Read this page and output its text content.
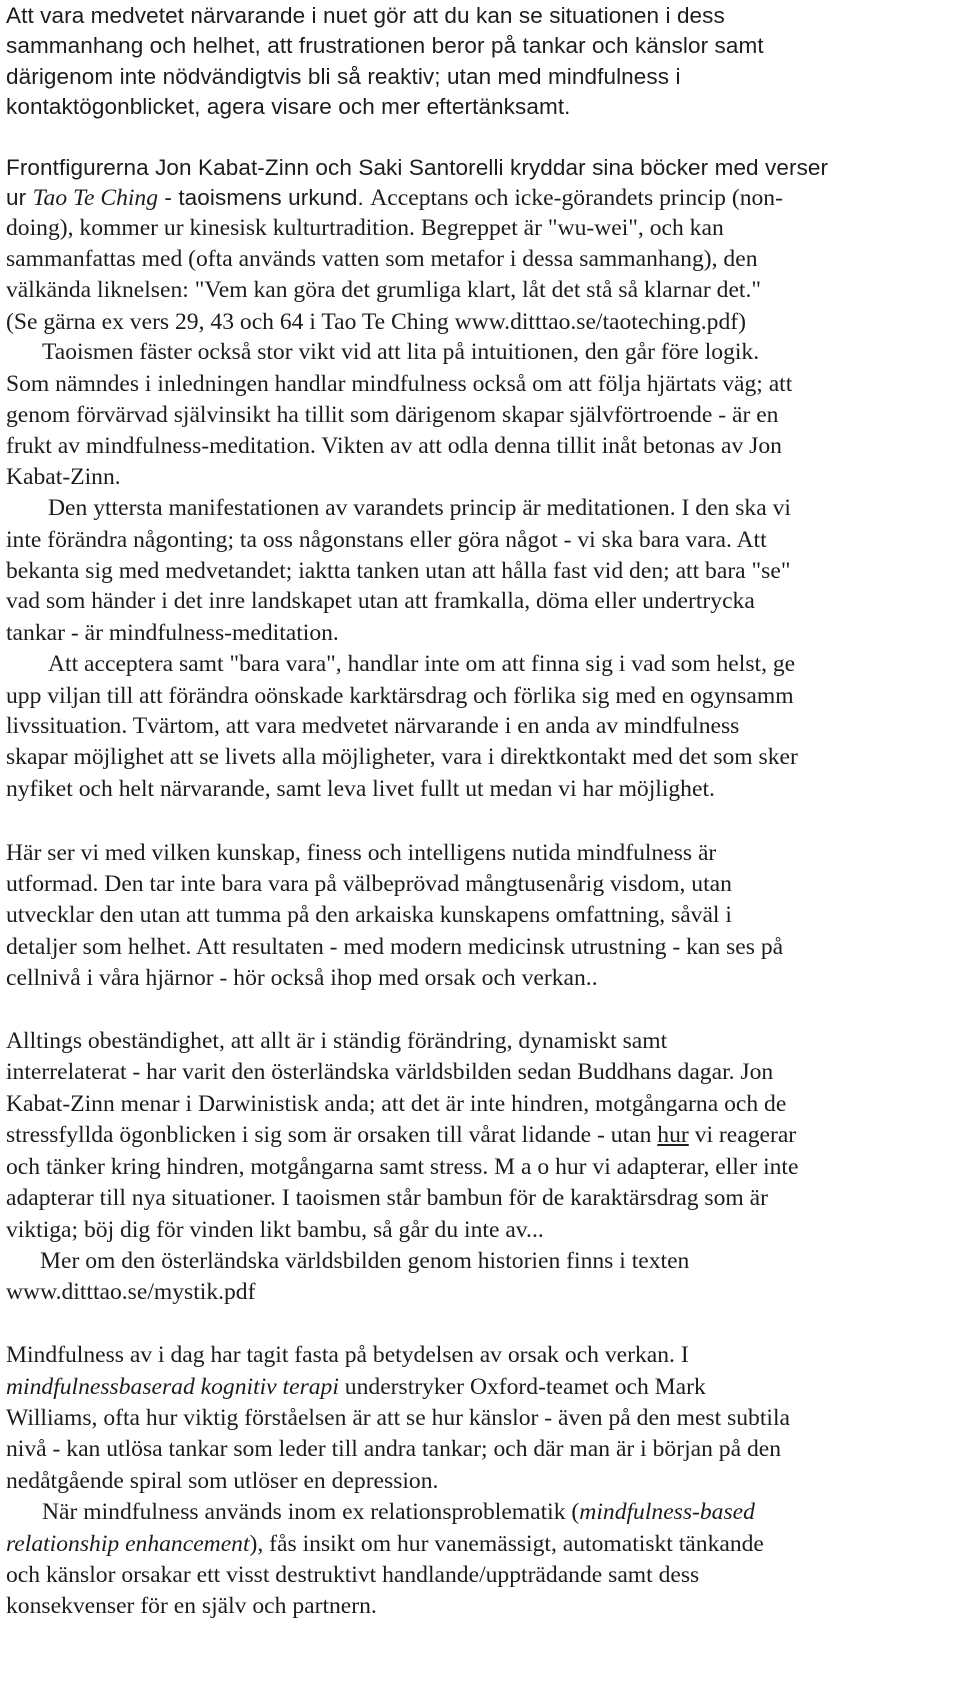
Att vara medvetet närvarande i nuet gör att du kan se situationen i dess
sammanhang och helhet, att frustrationen beror på tankar och känslor samt
därigenom inte nödvändigtvis bli så reaktiv; utan med mindfulness i
kontaktögonblicket, agera visare och mer eftertänksamt.
Frontfigurerna Jon Kabat-Zinn och Saki Santorelli kryddar sina böcker med verser
ur Tao Te Ching - taoismens urkund. Acceptans och icke-görandets princip (non-
doing), kommer ur kinesisk kulturtradition. Begreppet är "wu-wei", och kan
sammanfattas med (ofta används vatten som metafor i dessa sammanhang), den
välkända liknelsen: "Vem kan göra det grumliga klart, låt det stå så klarnar det."
(Se gärna ex vers 29, 43 och 64 i Tao Te Ching www.ditttao.se/taoteching.pdf)
Taoismen fäster också stor vikt vid att lita på intuitionen, den går före logik.
Som nämndes i inledningen handlar mindfulness också om att följa hjärtats väg; att
genom förvärvad självinsikt ha tillit som därigenom skapar självförtroende - är en
frukt av mindfulness-meditation. Vikten av att odla denna tillit inåt betonas av Jon
Kabat-Zinn.
Den yttersta manifestationen av varandets princip är meditationen. I den ska vi
inte förändra någonting; ta oss någonstans eller göra något - vi ska bara vara. Att
bekanta sig med medvetandet; iaktta tanken utan att hålla fast vid den; att bara "se"
vad som händer i det inre landskapet utan att framkalla, döma eller undertrycka
tankar - är mindfulness-meditation.
Att acceptera samt "bara vara", handlar inte om att finna sig i vad som helst, ge
upp viljan till att förändra oönskade karktärsdrag och förlika sig med en ogynsamm
livssituation. Tvärtom, att vara medvetet närvarande i en anda av mindfulness
skapar möjlighet att se livets alla möjligheter, vara i direktkontakt med det som sker
nyfiket och helt närvarande, samt leva livet fullt ut medan vi har möjlighet.
Här ser vi med vilken kunskap, finess och intelligens nutida mindfulness är
utformad. Den tar inte bara vara på välbeprövad mångtusenårig visdom, utan
utvecklar den utan att tumma på den arkaiska kunskapens omfattning, såväl i
detaljer som helhet. Att resultaten - med modern medicinsk utrustning - kan ses på
cellnivå i våra hjärnor - hör också ihop med orsak och verkan..
Alltings obeständighet, att allt är i ständig förändring, dynamiskt samt
interrelaterat - har varit den österländska världsbilden sedan Buddhans dagar. Jon
Kabat-Zinn menar i Darwinistisk anda; att det är inte hindren, motgångarna och de
stressfyllda ögonblicken i sig som är orsaken till vårat lidande - utan hur vi reagerar
och tänker kring hindren, motgångarna samt stress. M a o hur vi adapterar, eller inte
adapterar till nya situationer. I taoismen står bambun för de karaktärsdrag som är
viktiga; böj dig för vinden likt bambu, så går du inte av...
Mer om den österländska världsbilden genom historien finns i texten
www.ditttao.se/mystik.pdf
Mindfulness av i dag har tagit fasta på betydelsen av orsak och verkan. I
mindfulnessbaserad kognitiv terapi understryker Oxford-teamet och Mark
Williams, ofta hur viktig förståelsen är att se hur känslor - även på den mest subtila
nivå - kan utlösa tankar som leder till andra tankar; och där man är i början på den
nedåtgående spiral som utlöser en depression.
När mindfulness används inom ex relationsproblematik (mindfulness-based
relationship enhancement), fås insikt om hur vanemässigt, automatiskt tänkande
och känslor orsakar ett visst destruktivt handlande/uppträdande samt dess
konsekvenser för en själv och partnern.
